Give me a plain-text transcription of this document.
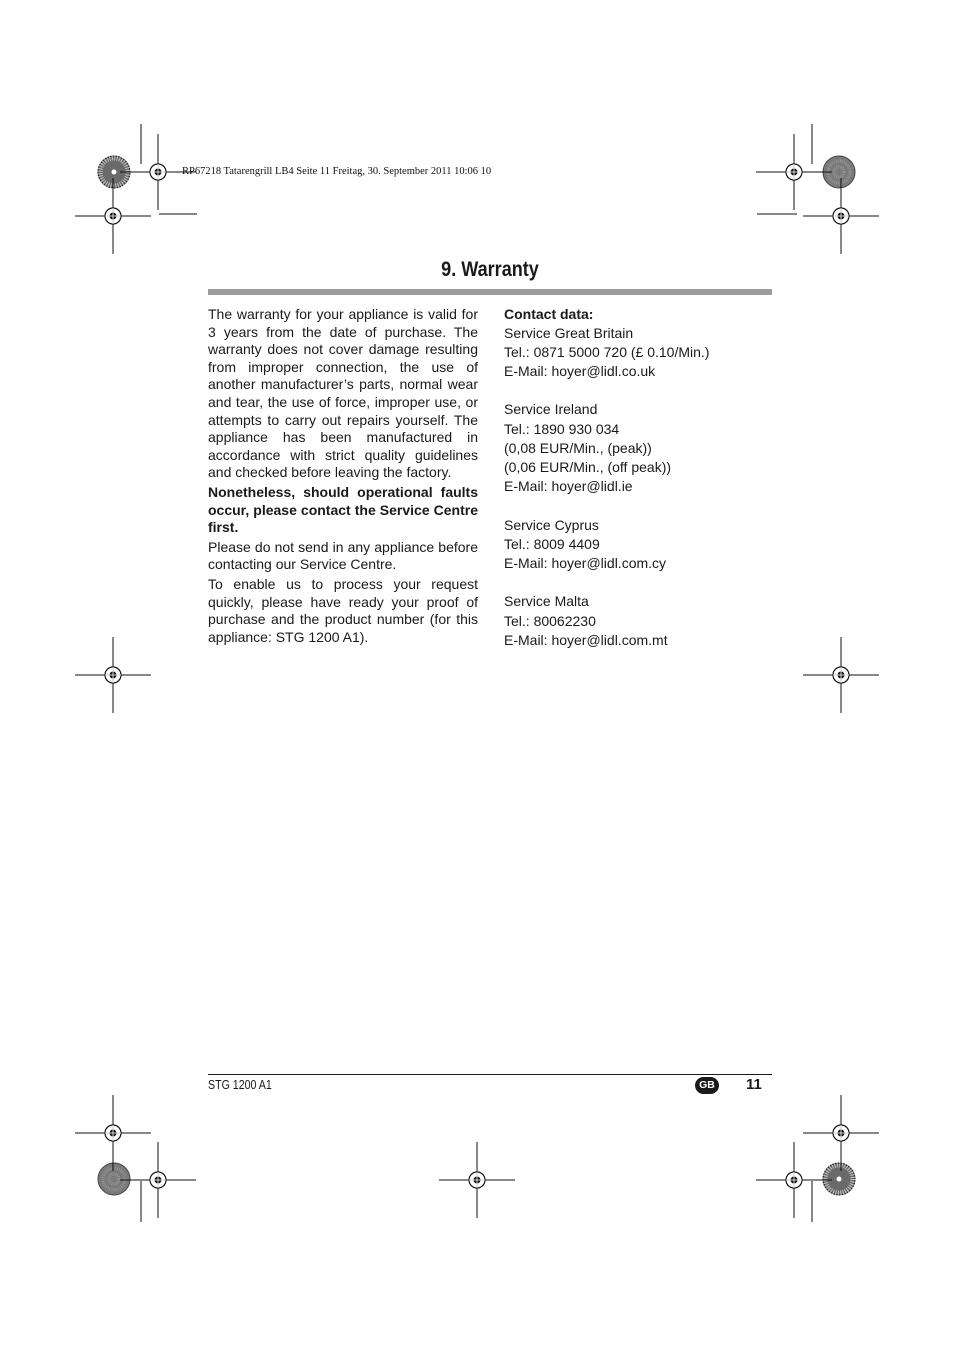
RP67218 Tatarengrill LB4 Seite 11 Freitag, 30. September 2011 10:06 10
9. Warranty

The warranty for your appliance is valid for 3 years from the date of purchase. The warranty does not cover damage resulting from improper connection, the use of another manufacturer’s parts, normal wear and tear, the use of force, improper use, or attempts to carry out repairs yourself. The appliance has been manufactured in accordance with strict quality guidelines and checked before leaving the factory.

Nonetheless, should operational faults occur, please contact the Service Centre first.

Please do not send in any appliance before contacting our Service Centre.

To enable us to process your request quickly, please have ready your proof of purchase and the product number (for this appliance: STG 1200 A1).

Contact data:
Service Great Britain
Tel.: 0871 5000 720 (£ 0.10/Min.)
E-Mail: hoyer@lidl.co.uk
Service Ireland
Tel.: 1890 930 034
(0,08 EUR/Min., (peak))
(0,06 EUR/Min., (off peak))
E-Mail: hoyer@lidl.ie
Service Cyprus
Tel.: 8009 4409
E-Mail: hoyer@lidl.com.cy
Service Malta
Tel.: 80062230
E-Mail: hoyer@lidl.com.mt
STG 1200 A1	GB 11
